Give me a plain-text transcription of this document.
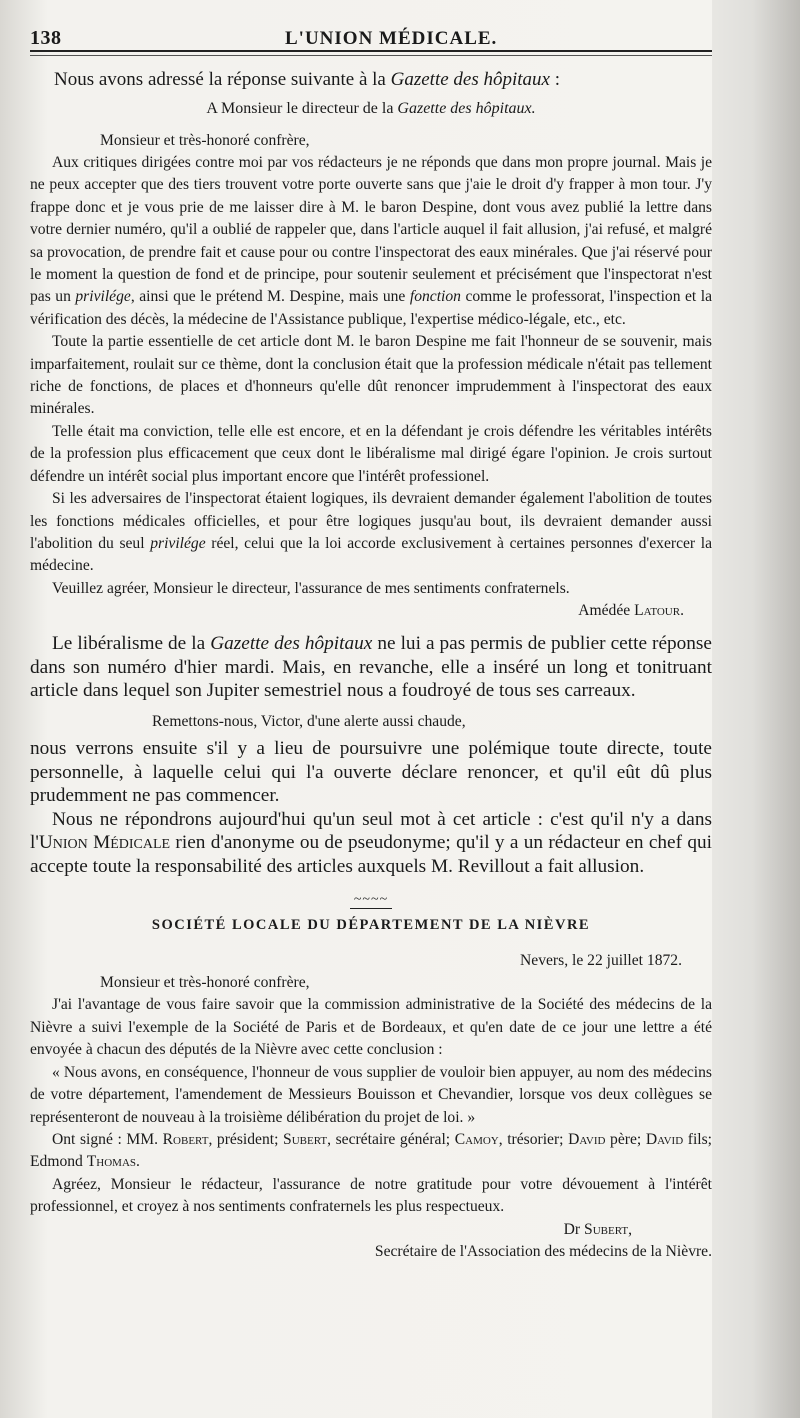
138	L'UNION MÉDICALE.

Nous avons adressé la réponse suivante à la Gazette des hôpitaux :

A Monsieur le directeur de la Gazette des hôpitaux.

Monsieur et très-honoré confrère,

Aux critiques dirigées contre moi par vos rédacteurs je ne réponds que dans mon propre journal. Mais je ne peux accepter que des tiers trouvent votre porte ouverte sans que j'aie le droit d'y frapper à mon tour. J'y frappe donc et je vous prie de me laisser dire à M. le baron Despine, dont vous avez publié la lettre dans votre dernier numéro, qu'il a oublié de rappeler que, dans l'article auquel il fait allusion, j'ai refusé, et malgré sa provocation, de prendre fait et cause pour ou contre l'inspectorat des eaux minérales. Que j'ai réservé pour le moment la question de fond et de principe, pour soutenir seulement et précisément que l'inspectorat n'est pas un privilége, ainsi que le prétend M. Despine, mais une fonction comme le professorat, l'inspection et la vérification des décès, la médecine de l'Assistance publique, l'expertise médico-légale, etc., etc.

Toute la partie essentielle de cet article dont M. le baron Despine me fait l'honneur de se souvenir, mais imparfaitement, roulait sur ce thème, dont la conclusion était que la profession médicale n'était pas tellement riche de fonctions, de places et d'honneurs qu'elle dût renoncer imprudemment à l'inspectorat des eaux minérales.

Telle était ma conviction, telle elle est encore, et en la défendant je crois défendre les véritables intérêts de la profession plus efficacement que ceux dont le libéralisme mal dirigé égare l'opinion. Je crois surtout défendre un intérêt social plus important encore que l'intérêt professionel.

Si les adversaires de l'inspectorat étaient logiques, ils devraient demander également l'abolition de toutes les fonctions médicales officielles, et pour être logiques jusqu'au bout, ils devraient demander aussi l'abolition du seul privilége réel, celui que la loi accorde exclusivement à certaines personnes d'exercer la médecine.

Veuillez agréer, Monsieur le directeur, l'assurance de mes sentiments confraternels.

Amédée Latour.

Le libéralisme de la Gazette des hôpitaux ne lui a pas permis de publier cette réponse dans son numéro d'hier mardi. Mais, en revanche, elle a inséré un long et tonitruant article dans lequel son Jupiter semestriel nous a foudroyé de tous ses carreaux.

Remettons-nous, Victor, d'une alerte aussi chaude,

nous verrons ensuite s'il y a lieu de poursuivre une polémique toute directe, toute personnelle, à laquelle celui qui l'a ouverte déclare renoncer, et qu'il eût dû plus prudemment ne pas commencer.

Nous ne répondrons aujourd'hui qu'un seul mot à cet article : c'est qu'il n'y a dans l'Union Médicale rien d'anonyme ou de pseudonyme; qu'il y a un rédacteur en chef qui accepte toute la responsabilité des articles auxquels M. Revillout a fait allusion.

~~~~

SOCIÉTÉ LOCALE DU DÉPARTEMENT DE LA NIÈVRE

Nevers, le 22 juillet 1872.

Monsieur et très-honoré confrère,

J'ai l'avantage de vous faire savoir que la commission administrative de la Société des médecins de la Nièvre a suivi l'exemple de la Société de Paris et de Bordeaux, et qu'en date de ce jour une lettre a été envoyée à chacun des députés de la Nièvre avec cette conclusion :

« Nous avons, en conséquence, l'honneur de vous supplier de vouloir bien appuyer, au nom des médecins de votre département, l'amendement de Messieurs Bouisson et Chevandier, lorsque vos deux collègues se représenteront de nouveau à la troisième délibération du projet de loi. »

Ont signé : MM. Robert, président; Subert, secrétaire général; Camoy, trésorier; David père; David fils; Edmond Thomas.

Agréez, Monsieur le rédacteur, l'assurance de notre gratitude pour votre dévouement à l'intérêt professionnel, et croyez à nos sentiments confraternels les plus respectueux.

Dr Subert,

Secrétaire de l'Association des médecins de la Nièvre.
